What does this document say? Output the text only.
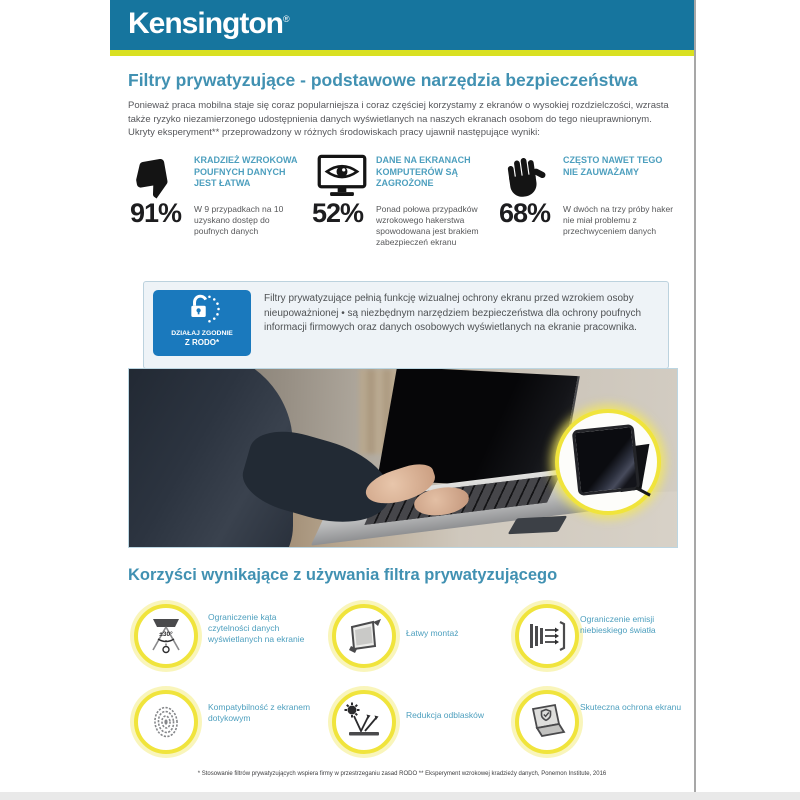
Kensington®
Filtry prywatyzujące - podstawowe narzędzia bezpieczeństwa
Ponieważ praca mobilna staje się coraz popularniejsza i coraz częściej korzystamy z ekranów o wysokiej rozdzielczości, wzrasta także ryzyko niezamierzonego udostępnienia danych wyświetlanych na naszych ekranach osobom do tego nieuprawnionym. Ukryty eksperyment** przeprowadzony w różnych środowiskach pracy ujawnił następujące wyniki:
KRADZIEŻ WZROKOWA POUFNYCH DANYCH JEST ŁATWA
91% W 9 przypadkach na 10 uzyskano dostęp do poufnych danych
DANE NA EKRANACH KOMPUTERÓW SĄ ZAGROŻONE
52% Ponad połowa przypadków wzrokowego hakerstwa spowodowana jest brakiem zabezpieczeń ekranu
CZĘSTO NAWET TEGO NIE ZAUWAŻAMY
68% W dwóch na trzy próby haker nie miał problemu z przechwyceniem danych
DZIAŁAJ ZGODNIE
Z RODO*
Filtry prywatyzujące pełnią funkcję wizualnej ochrony ekranu przed wzrokiem osoby nieupoważnionej • są niezbędnym narzędziem bezpieczeństwa dla ochrony poufnych informacji firmowych oraz danych osobowych wyświetlanych na ekranie pracownika.
Korzyści wynikające z używania filtra prywatyzującego
±30°
Ograniczenie kąta czytelności danych wyświetlanych na ekranie
Łatwy montaż
Ograniczenie emisji niebieskiego światła
Kompatybilność z ekranem dotykowym	Redukcja odblasków
Skuteczna ochrona ekranu
* Stosowanie filtrów prywatyzujących wspiera firmy w przestrzeganiu zasad RODO ** Eksperyment wzrokowej kradzieży danych, Ponemon Institute, 2016
